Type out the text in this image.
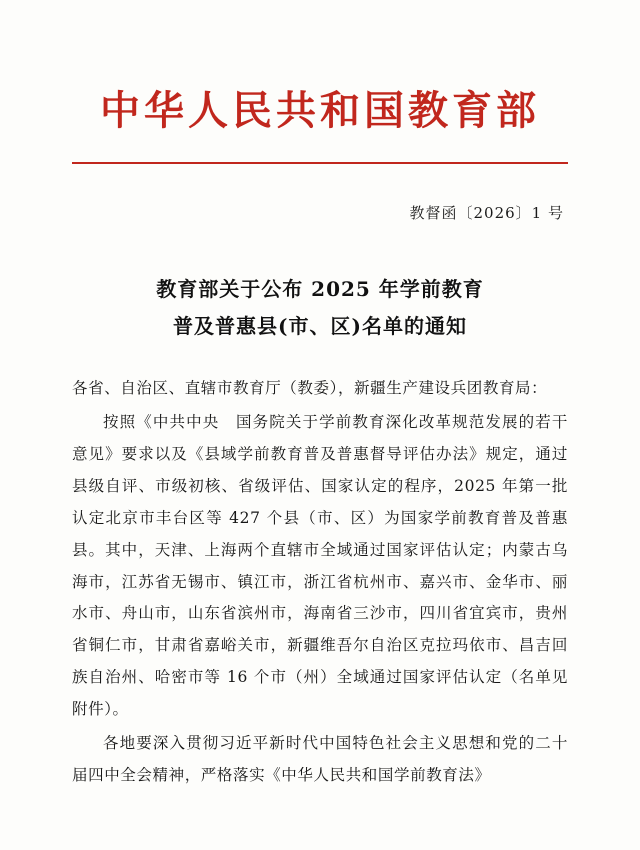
中华人民共和国教育部
教督函〔2026〕1 号
教育部关于公布 2025 年学前教育
普及普惠县(市、区)名单的通知

各省、自治区、直辖市教育厅（教委），新疆生产建设兵团教育局：

按照《中共中央　国务院关于学前教育深化改革规范发展的若干意见》要求以及《县域学前教育普及普惠督导评估办法》规定，通过县级自评、市级初核、省级评估、国家认定的程序，2025 年第一批认定北京市丰台区等 427 个县（市、区）为国家学前教育普及普惠县。其中，天津、上海两个直辖市全域通过国家评估认定；内蒙古乌海市，江苏省无锡市、镇江市，浙江省杭州市、嘉兴市、金华市、丽水市、舟山市，山东省滨州市，海南省三沙市，四川省宜宾市，贵州省铜仁市，甘肃省嘉峪关市，新疆维吾尔自治区克拉玛依市、昌吉回族自治州、哈密市等 16 个市（州）全域通过国家评估认定（名单见附件）。

各地要深入贯彻习近平新时代中国特色社会主义思想和党的二十届四中全会精神，严格落实《中华人民共和国学前教育法》
